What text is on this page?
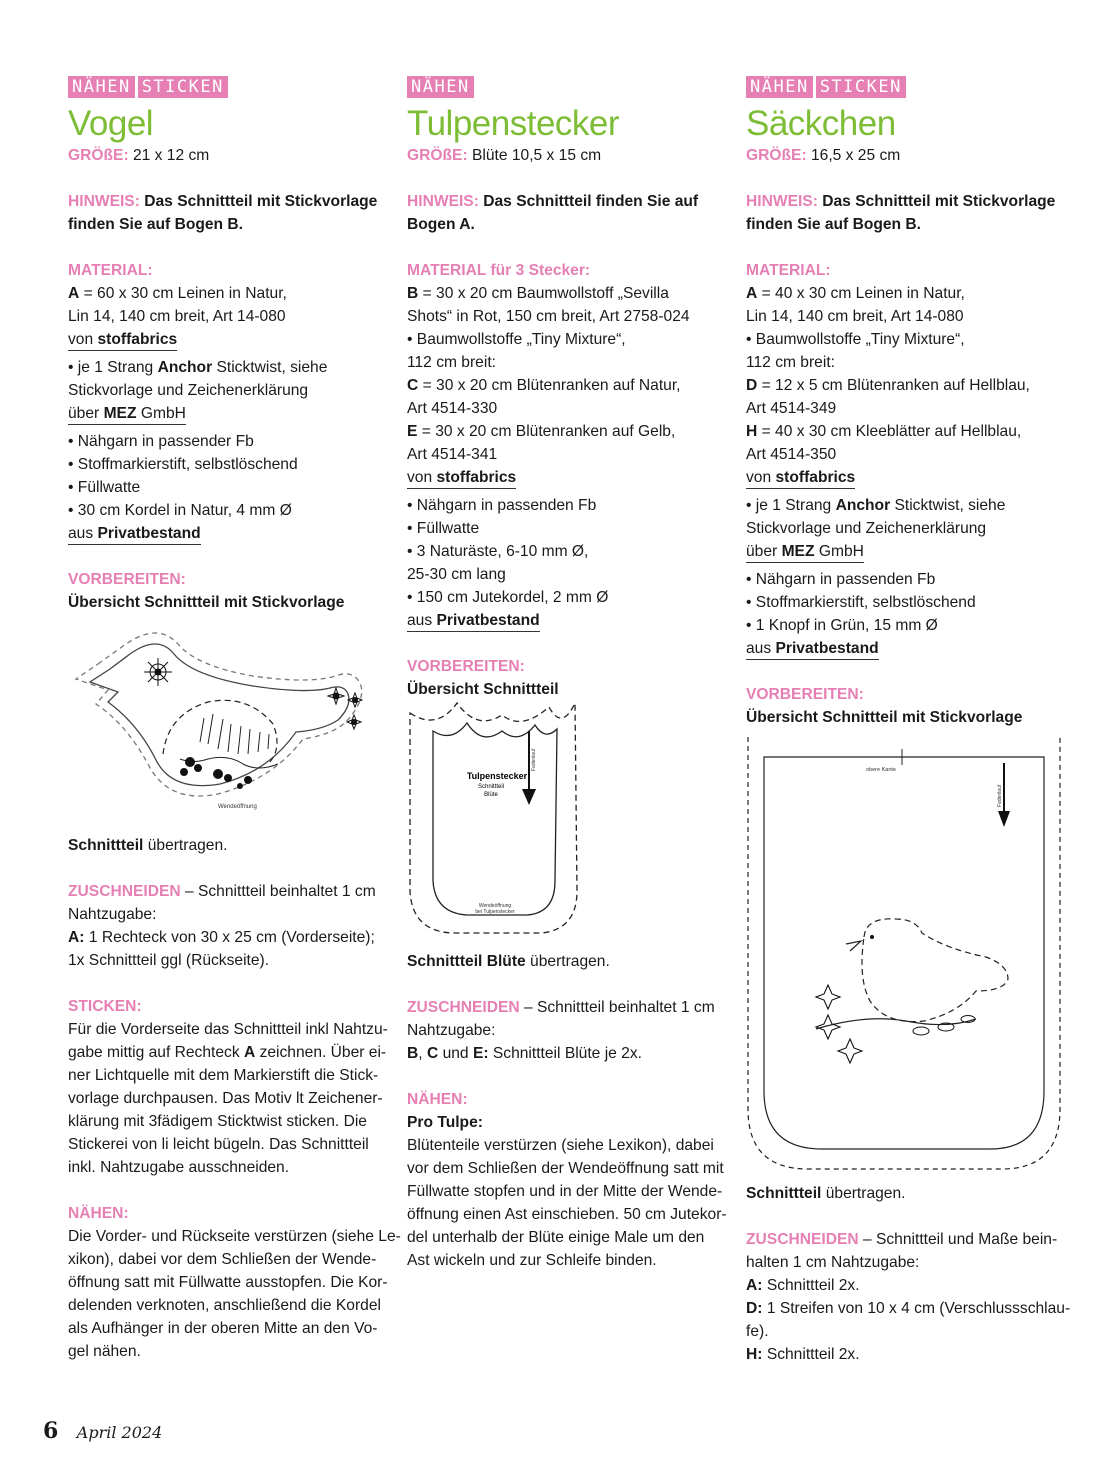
NÄHEN STICKEN
Vogel
GRÖßE: 21 x 12 cm
HINWEIS: Das Schnittteil mit Stickvorlage
finden Sie auf Bogen B.
MATERIAL:
A = 60 x 30 cm Leinen in Natur,
Lin 14, 140 cm breit, Art 14-080
von stoffabrics
• je 1 Strang Anchor Sticktwist, siehe
Stickvorlage und Zeichenerklärung
über MEZ GmbH
• Nähgarn in passender Fb
• Stoffmarkierstift, selbstlöschend
• Füllwatte
• 30 cm Kordel in Natur, 4 mm Ø
aus Privatbestand
VORBEREITEN:
Übersicht Schnittteil mit Stickvorlage
Wendeöffnung
Schnittteil übertragen.
ZUSCHNEIDEN – Schnittteil beinhaltet 1 cm
Nahtzugabe:
A: 1 Rechteck von 30 x 25 cm (Vorderseite);
1x Schnittteil ggl (Rückseite).
STICKEN:
Für die Vorderseite das Schnittteil inkl Nahtzu-
gabe mittig auf Rechteck A zeichnen. Über ei-
ner Lichtquelle mit dem Markierstift die Stick-
vorlage durchpausen. Das Motiv lt Zeichener-
klärung mit 3fädigem Sticktwist sticken. Die
Stickerei von li leicht bügeln. Das Schnittteil
inkl. Nahtzugabe ausschneiden.
NÄHEN:
Die Vorder- und Rückseite verstürzen (siehe Le-
xikon), dabei vor dem Schließen der Wende-
öffnung satt mit Füllwatte ausstopfen. Die Kor-
delenden verknoten, anschließend die Kordel
als Aufhänger in der oberen Mitte an den Vo-
gel nähen.
NÄHEN
Tulpenstecker
GRÖßE: Blüte 10,5 x 15 cm
HINWEIS: Das Schnittteil finden Sie auf
Bogen A.
MATERIAL für 3 Stecker:
B = 30 x 20 cm Baumwollstoff „Sevilla
Shots“ in Rot, 150 cm breit, Art 2758-024
• Baumwollstoffe „Tiny Mixture“,
112 cm breit:
C = 30 x 20 cm Blütenranken auf Natur,
Art 4514-330
E = 30 x 20 cm Blütenranken auf Gelb,
Art 4514-341
von stoffabrics
• Nähgarn in passenden Fb
• Füllwatte
• 3 Naturäste, 6-10 mm Ø,
25-30 cm lang
• 150 cm Jutekordel, 2 mm Ø
aus Privatbestand
VORBEREITEN:
Übersicht Schnittteil
Fadenlauf
Tulpenstecker
Schnittteil
Blüte
Wendeöffnung
bei Tulpenstecker
Schnittteil Blüte übertragen.
ZUSCHNEIDEN – Schnittteil beinhaltet 1 cm
Nahtzugabe:
B, C und E: Schnittteil Blüte je 2x.
NÄHEN:
Pro Tulpe:
Blütenteile verstürzen (siehe Lexikon), dabei
vor dem Schließen der Wendeöffnung satt mit
Füllwatte stopfen und in der Mitte der Wende-
öffnung einen Ast einschieben. 50 cm Jutekor-
del unterhalb der Blüte einige Male um den
Ast wickeln und zur Schleife binden.
NÄHEN STICKEN
Säckchen
GRÖßE: 16,5 x 25 cm
HINWEIS: Das Schnittteil mit Stickvorlage
finden Sie auf Bogen B.
MATERIAL:
A = 40 x 30 cm Leinen in Natur,
Lin 14, 140 cm breit, Art 14-080
• Baumwollstoffe „Tiny Mixture“,
112 cm breit:
D = 12 x 5 cm Blütenranken auf Hellblau,
Art 4514-349
H = 40 x 30 cm Kleeblätter auf Hellblau,
Art 4514-350
von stoffabrics
• je 1 Strang Anchor Sticktwist, siehe
Stickvorlage und Zeichenerklärung
über MEZ GmbH
• Nähgarn in passenden Fb
• Stoffmarkierstift, selbstlöschend
• 1 Knopf in Grün, 15 mm Ø
aus Privatbestand
VORBEREITEN:
Übersicht Schnittteil mit Stickvorlage
obere Kante
Fadenlauf
Schnittteil übertragen.
ZUSCHNEIDEN – Schnittteil und Maße bein-
halten 1 cm Nahtzugabe:
A: Schnittteil 2x.
D: 1 Streifen von 10 x 4 cm (Verschlussschlau-
fe).
H: Schnittteil 2x.
6 April 2024
